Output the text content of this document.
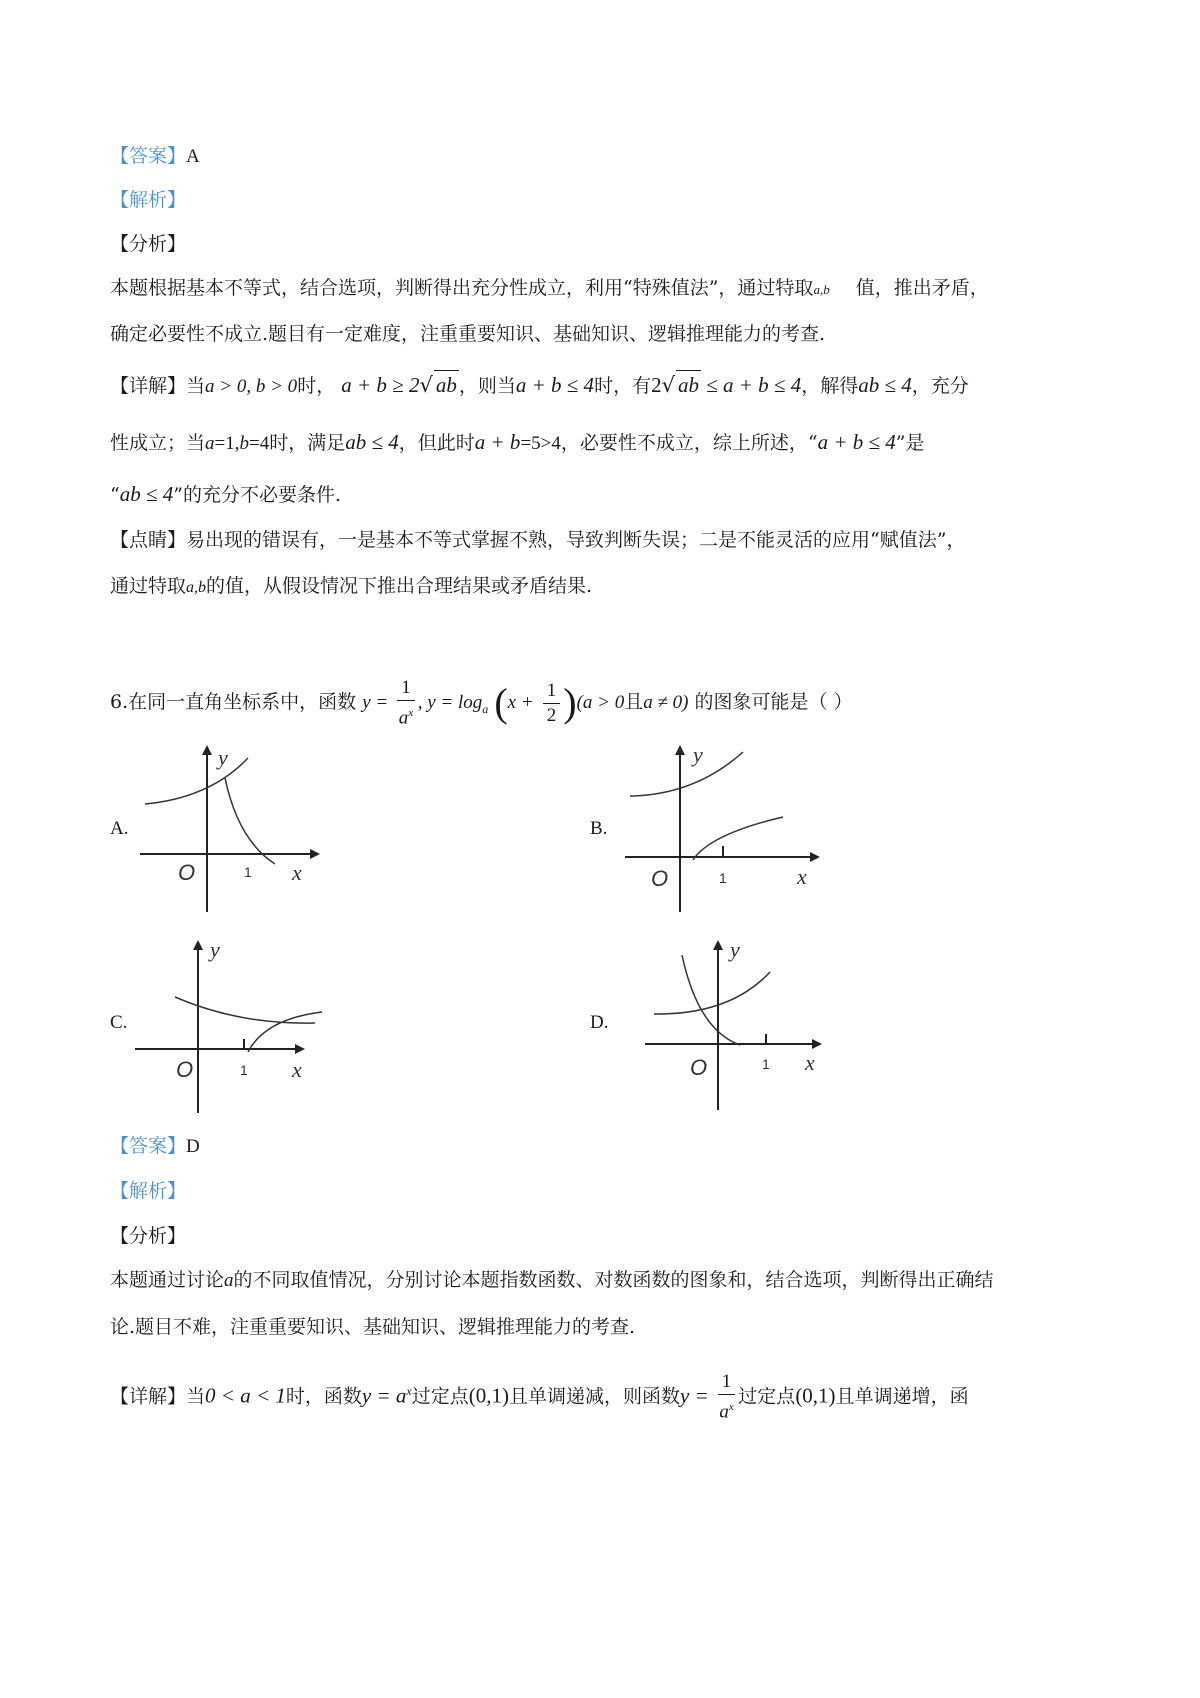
【答案】A
【解析】
【分析】
本题根据基本不等式，结合选项，判断得出充分性成立，利用“特殊值法”，通过特取a,b 值，推出矛盾，
确定必要性不成立.题目有一定难度，注重重要知识、基础知识、逻辑推理能力的考查.
【详解】当a > 0, b > 0时， a + b ≥ 2√ ab ，则当a + b ≤ 4时，有2√ ab ≤ a + b ≤ 4，解得ab ≤ 4，充分
性成立；当a=1,b=4时，满足ab ≤ 4，但此时a + b=5>4，必要性不成立，综上所述，“a + b ≤ 4”是
“ab ≤ 4”的充分不必要条件.
【点睛】易出现的错误有，一是基本不等式掌握不熟，导致判断失误；二是不能灵活的应用“赋值法”，
通过特取a,b的值，从假设情况下推出合理结果或矛盾结果.
6.在同一直角坐标系中，函数 $y = \frac{1}{a^x}$ , $y = \log_a (x + \frac{1}{2} )(a > 0$且a ≠ 0) 的图象可能是（ ）
A.
y
O	1 x
B.
y
O	1	x
C.
y
O	1 x
D.
y
O	1 x
【答案】D
【解析】
【分析】
本题通过讨论a的不同取值情况，分别讨论本题指数函数、对数函数的图象和，结合选项，判断得出正确结
论.题目不难，注重重要知识、基础知识、逻辑推理能力的考查.
【详解】当0 < a < 1时，函数$y = a^x$过定点(0,1)且单调递减，则函数$y = \frac{1}{a^x}$ 过定点(0,1)且单调递增，函
